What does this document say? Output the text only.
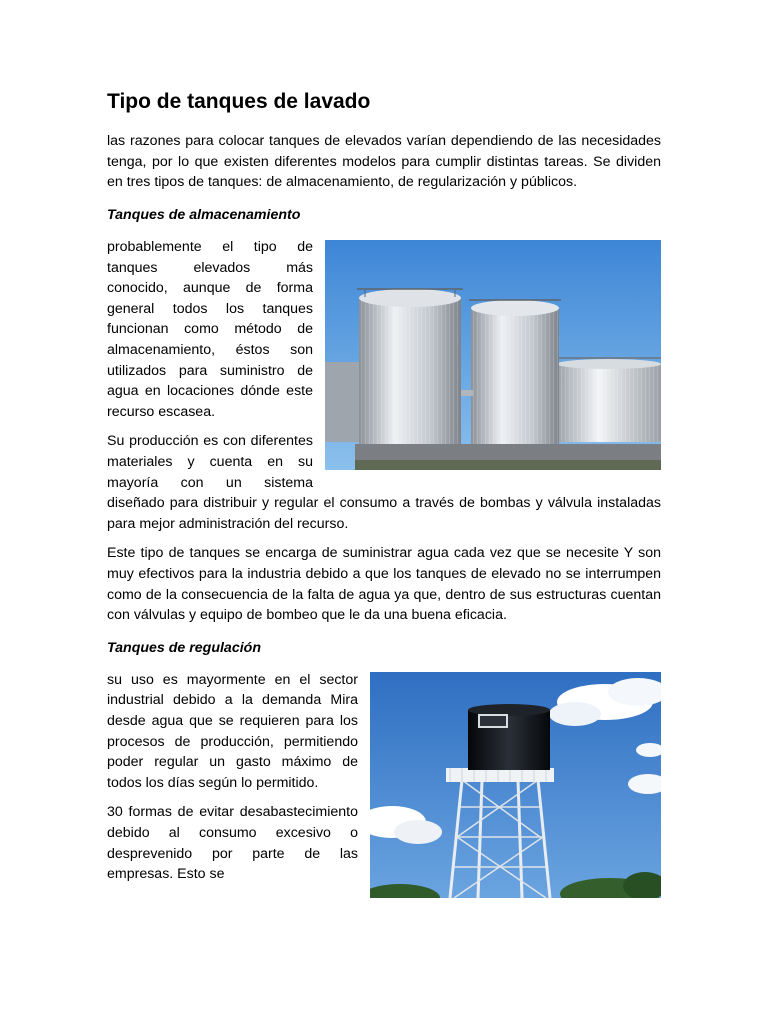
Tipo de tanques de lavado

las razones para colocar tanques de elevados varían dependiendo de las necesidades tenga, por lo que existen diferentes modelos para cumplir distintas tareas. Se dividen en tres tipos de tanques: de almacenamiento, de regularización y públicos.

Tanques de almacenamiento

probablemente el tipo de tanques elevados más conocido, aunque de forma general todos los tanques funcionan como método de almacenamiento, éstos son utilizados para suministro de agua en locaciones dónde este recurso escasea.

Su producción es con diferentes materiales y cuenta en su mayoría con un sistema diseñado para distribuir y regular el consumo a través de bombas y válvula instaladas para mejor administración del recurso.

Este tipo de tanques se encarga de suministrar agua cada vez que se necesite Y son muy efectivos para la industria debido a que los tanques de elevado no se interrumpen como de la consecuencia de la falta de agua ya que, dentro de sus estructuras cuentan con válvulas y equipo de bombeo que le da una buena eficacia.

Tanques de regulación

su uso es mayormente en el sector industrial debido a la demanda Mira desde agua que se requieren para los procesos de producción, permitiendo poder regular un gasto máximo de todos los días según lo permitido.

30 formas de evitar desabastecimiento debido al consumo excesivo o desprevenido por parte de las empresas. Esto se
